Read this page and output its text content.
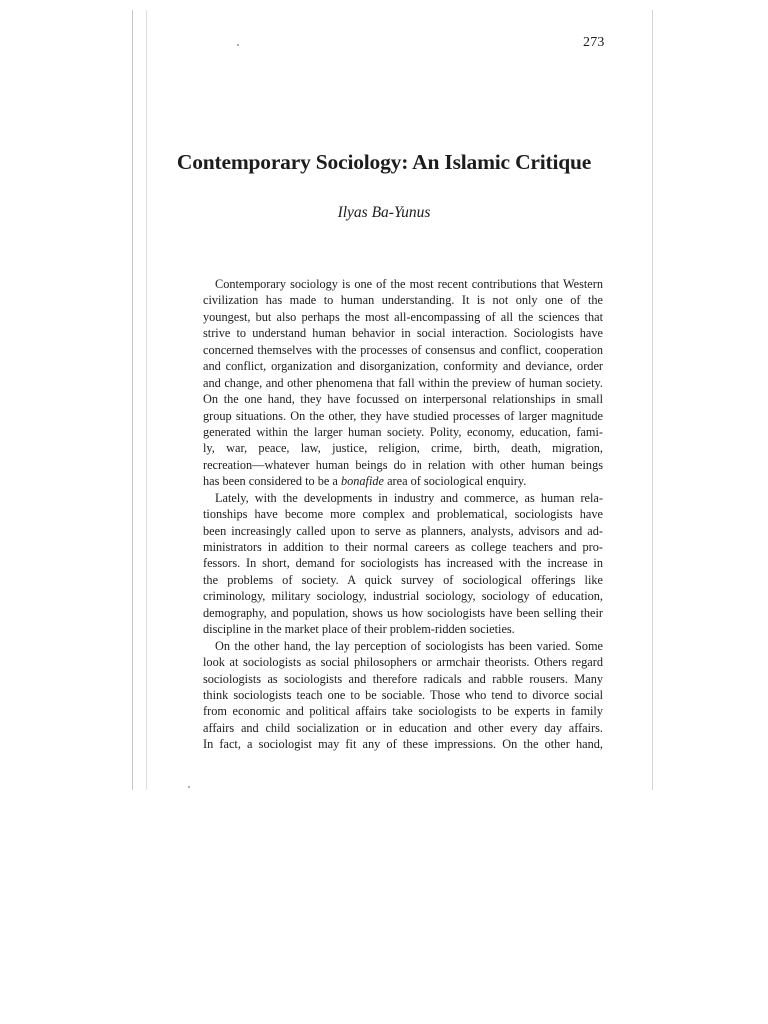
273
Contemporary Sociology: An Islamic Critique
Ilyas Ba-Yunus
Contemporary sociology is one of the most recent contributions that Western
civilization has made to human understanding. It is not only one of the
youngest, but also perhaps the most all-encompassing of all the sciences that
strive to understand human behavior in social interaction. Sociologists have
concerned themselves with the processes of consensus and conflict, cooperation
and conflict, organization and disorganization, conformity and deviance, order
and change, and other phenomena that fall within the preview of human society.
On the one hand, they have focussed on interpersonal relationships in small
group situations. On the other, they have studied processes of larger magnitude
generated within the larger human society. Polity, economy, education, fami-
ly, war, peace, law, justice, religion, crime, birth, death, migration,
recreation—whatever human beings do in relation with other human beings
has been considered to be a bonafide area of sociological enquiry.
Lately, with the developments in industry and commerce, as human rela-
tionships have become more complex and problematical, sociologists have
been increasingly called upon to serve as planners, analysts, advisors and ad-
ministrators in addition to their normal careers as college teachers and pro-
fessors. In short, demand for sociologists has increased with the increase in
the problems of society. A quick survey of sociological offerings like
criminology, military sociology, industrial sociology, sociology of education,
demography, and population, shows us how sociologists have been selling their
discipline in the market place of their problem-ridden societies.
On the other hand, the lay perception of sociologists has been varied. Some
look at sociologists as social philosophers or armchair theorists. Others regard
sociologists as sociologists and therefore radicals and rabble rousers. Many
think sociologists teach one to be sociable. Those who tend to divorce social
from economic and political affairs take sociologists to be experts in family
affairs and child socialization or in education and other every day affairs.
In fact, a sociologist may fit any of these impressions. On the other hand,
